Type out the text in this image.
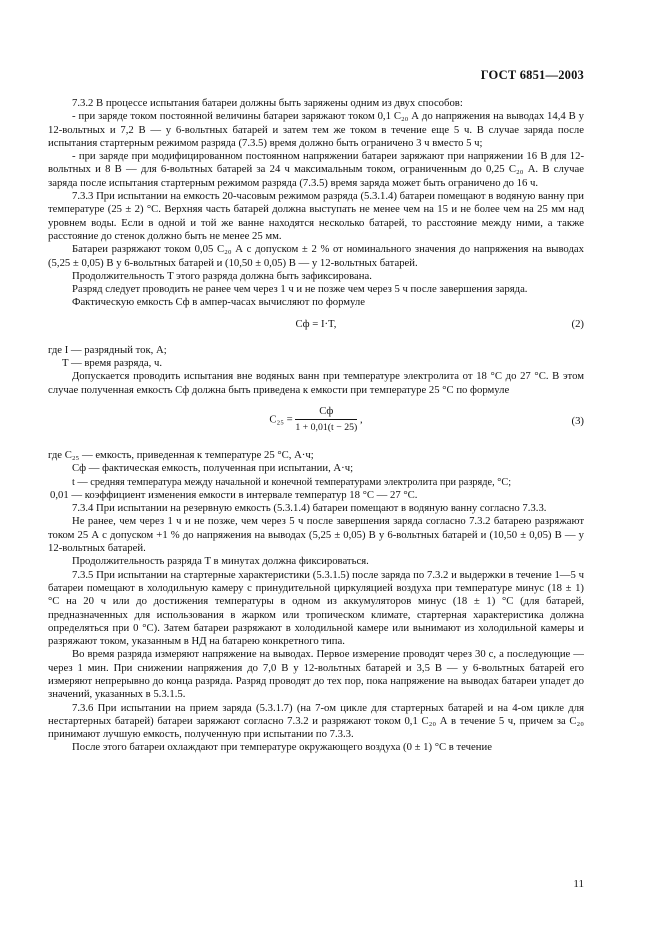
ГОСТ 6851—2003

7.3.2 В процессе испытания батареи должны быть заряжены одним из двух способов:

- при заряде током постоянной величины батареи заряжают током 0,1 C₂₀ А до напряжения на выводах 14,4 В у 12-вольтных и 7,2 В — у 6-вольтных батарей и затем тем же током в течение еще 5 ч. В случае заряда после испытания стартерным режимом разряда (7.3.5) время должно быть ограничено 3 ч вместо 5 ч;

- при заряде при модифицированном постоянном напряжении батареи заряжают при напряжении 16 В для 12-вольтных и 8 В — для 6-вольтных батарей за 24 ч максимальным током, ограниченным до 0,25 C₂₀ А. В случае заряда после испытания стартерным режимом разряда (7.3.5) время заряда может быть ограничено до 16 ч.

7.3.3 При испытании на емкость 20-часовым режимом разряда (5.3.1.4) батареи помещают в водяную ванну при температуре (25 ± 2) °С. Верхняя часть батарей должна выступать не менее чем на 15 и не более чем на 25 мм над уровнем воды. Если в одной и той же ванне находятся несколько батарей, то расстояние между ними, а также расстояние до стенок должно быть не менее 25 мм.

Батареи разряжают током 0,05 C₂₀ А с допуском ± 2 % от номинального значения до напряжения на выводах (5,25 ± 0,05) В у 6-вольтных батарей и (10,50 ± 0,05) В — у 12-вольтных батарей.

Продолжительность T этого разряда должна быть зафиксирована.

Разряд следует проводить не ранее чем через 1 ч и не позже чем через 5 ч после завершения заряда.

Фактическую емкость Cф в ампер-часах вычисляют по формуле

Cф = I·T,	(2)

где I — разрядный ток, А;

T — время разряда, ч.

Допускается проводить испытания вне водяных ванн при температуре электролита от 18 °С до 27 °С. В этом случае полученная емкость Cф должна быть приведена к емкости при температуре 25 °С по формуле

$C_{25} = \frac{Cф}{1 + 0,01(t - 25)}$ ,	(3)

где C₂₅ — емкость, приведенная к температуре 25 °С, А·ч;

Cф — фактическая емкость, полученная при испытании, А·ч;

t — средняя температура между начальной и конечной температурами электролита при разряде, °С;

0,01 — коэффициент изменения емкости в интервале температур 18 °С — 27 °С.

7.3.4 При испытании на резервную емкость (5.3.1.4) батареи помещают в водяную ванну согласно 7.3.3.

Не ранее, чем через 1 ч и не позже, чем через 5 ч после завершения заряда согласно 7.3.2 батарею разряжают током 25 А с допуском +1 % до напряжения на выводах (5,25 ± 0,05) В у 6-вольтных батарей и (10,50 ± 0,05) В — у 12-вольтных батарей.

Продолжительность разряда T в минутах должна фиксироваться.

7.3.5 При испытании на стартерные характеристики (5.3.1.5) после заряда по 7.3.2 и выдержки в течение 1—5 ч батареи помещают в холодильную камеру с принудительной циркуляцией воздуха при температуре минус (18 ± 1) °С на 20 ч или до достижения температуры в одном из аккумуляторов минус (18 ± 1) °С (для батарей, предназначенных для использования в жарком или тропическом климате, стартерная характеристика должна определяться при 0 °С). Затем батареи разряжают в холодильной камере или вынимают из холодильной камеры и разряжают током, указанным в НД на батарею конкретного типа.

Во время разряда измеряют напряжение на выводах. Первое измерение проводят через 30 с, а последующие — через 1 мин. При снижении напряжения до 7,0 В у 12-вольтных батарей и 3,5 В — у 6-вольтных батарей его измеряют непрерывно до конца разряда. Разряд проводят до тех пор, пока напряжение на выводах батареи упадет до значений, указанных в 5.3.1.5.

7.3.6 При испытании на прием заряда (5.3.1.7) (на 7-ом цикле для стартерных батарей и на 4-ом цикле для нестартерных батарей) батареи заряжают согласно 7.3.2 и разряжают током 0,1 C₂₀ А в течение 5 ч, причем за C₂₀ принимают лучшую емкость, полученную при испытании по 7.3.3.

После этого батареи охлаждают при температуре окружающего воздуха (0 ± 1) °С в течение

11
